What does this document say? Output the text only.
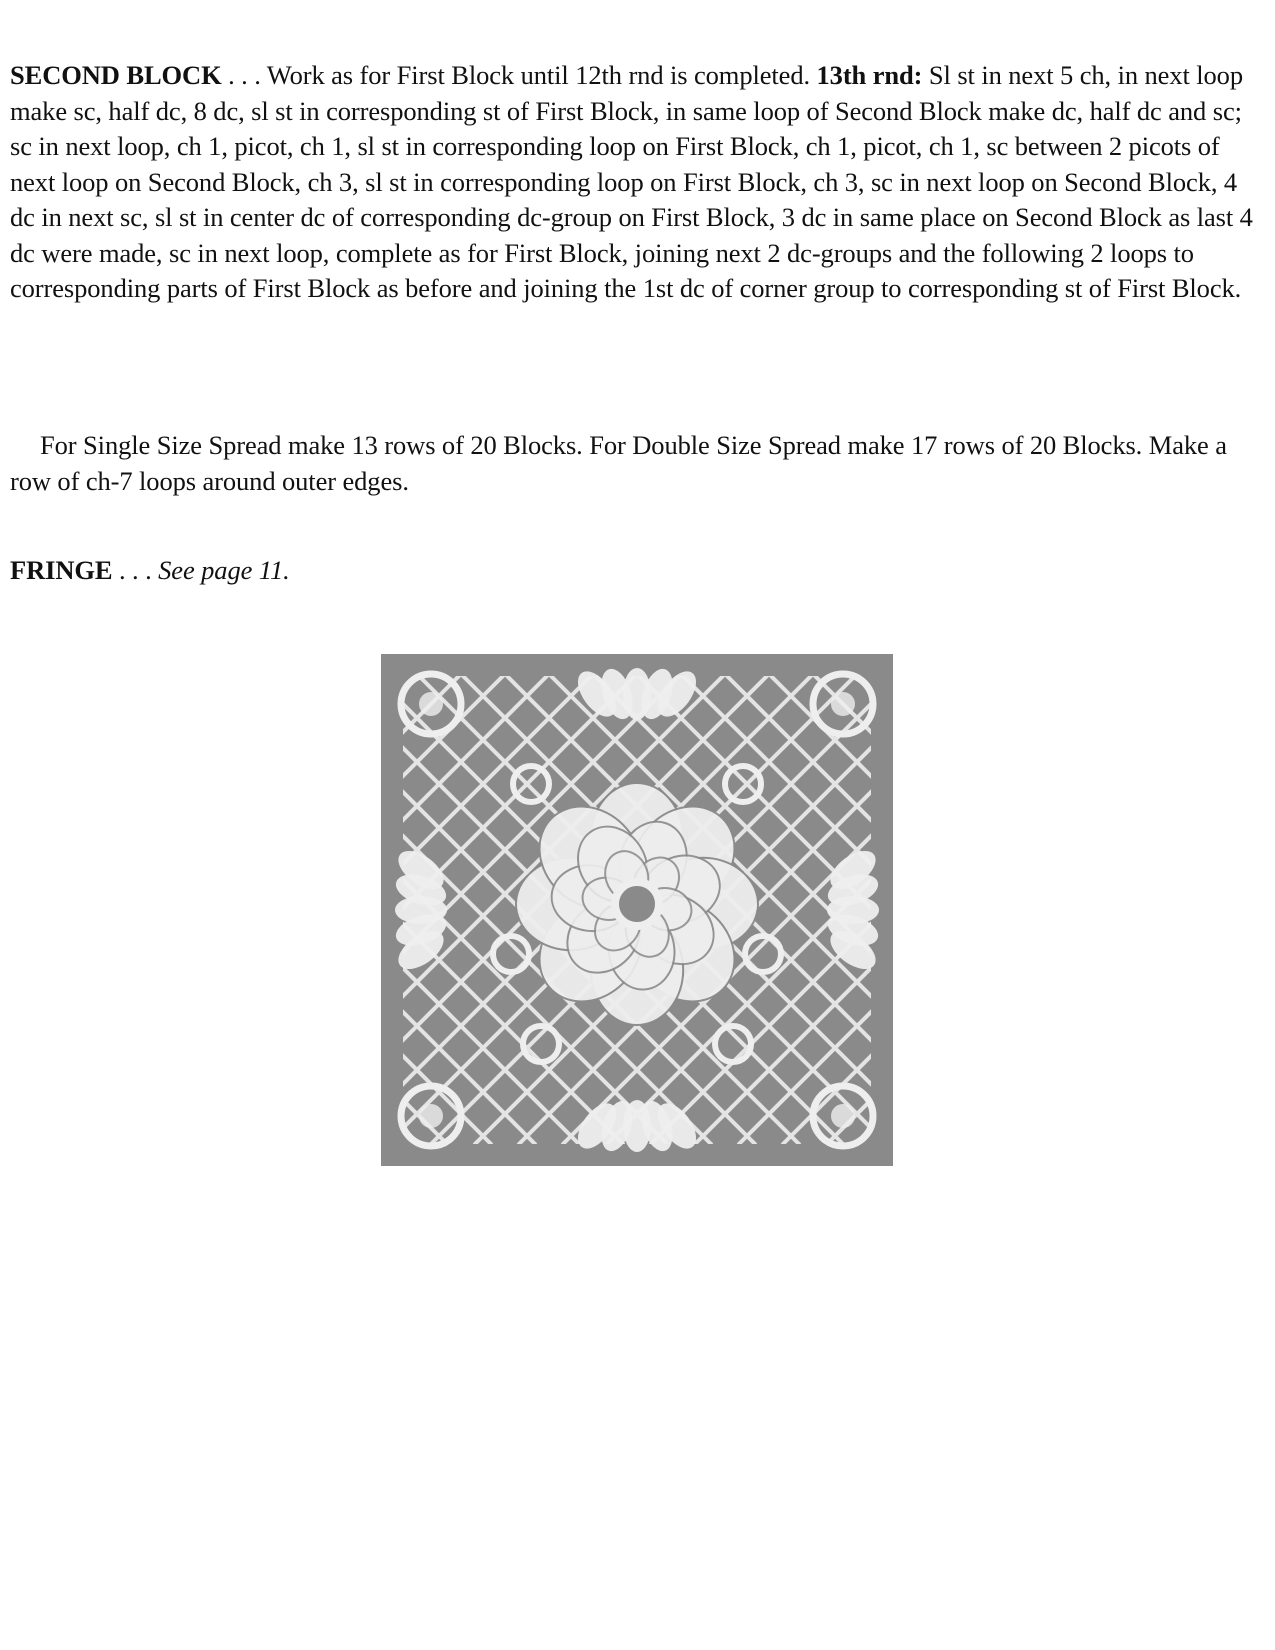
SECOND BLOCK . . . Work as for First Block until 12th rnd is completed. 13th rnd: Sl st in next 5 ch, in next loop make sc, half dc, 8 dc, sl st in corresponding st of First Block, in same loop of Second Block make dc, half dc and sc; sc in next loop, ch 1, picot, ch 1, sl st in corresponding loop on First Block, ch 1, picot, ch 1, sc between 2 picots of next loop on Second Block, ch 3, sl st in corresponding loop on First Block, ch 3, sc in next loop on Second Block, 4 dc in next sc, sl st in center dc of corresponding dc-group on First Block, 3 dc in same place on Second Block as last 4 dc were made, sc in next loop, complete as for First Block, joining next 2 dc-groups and the following 2 loops to corresponding parts of First Block as before and joining the 1st dc of corner group to corresponding st of First Block.

For Single Size Spread make 13 rows of 20 Blocks. For Double Size Spread make 17 rows of 20 Blocks. Make a row of ch-7 loops around outer edges.

FRINGE . . . See page 11.
